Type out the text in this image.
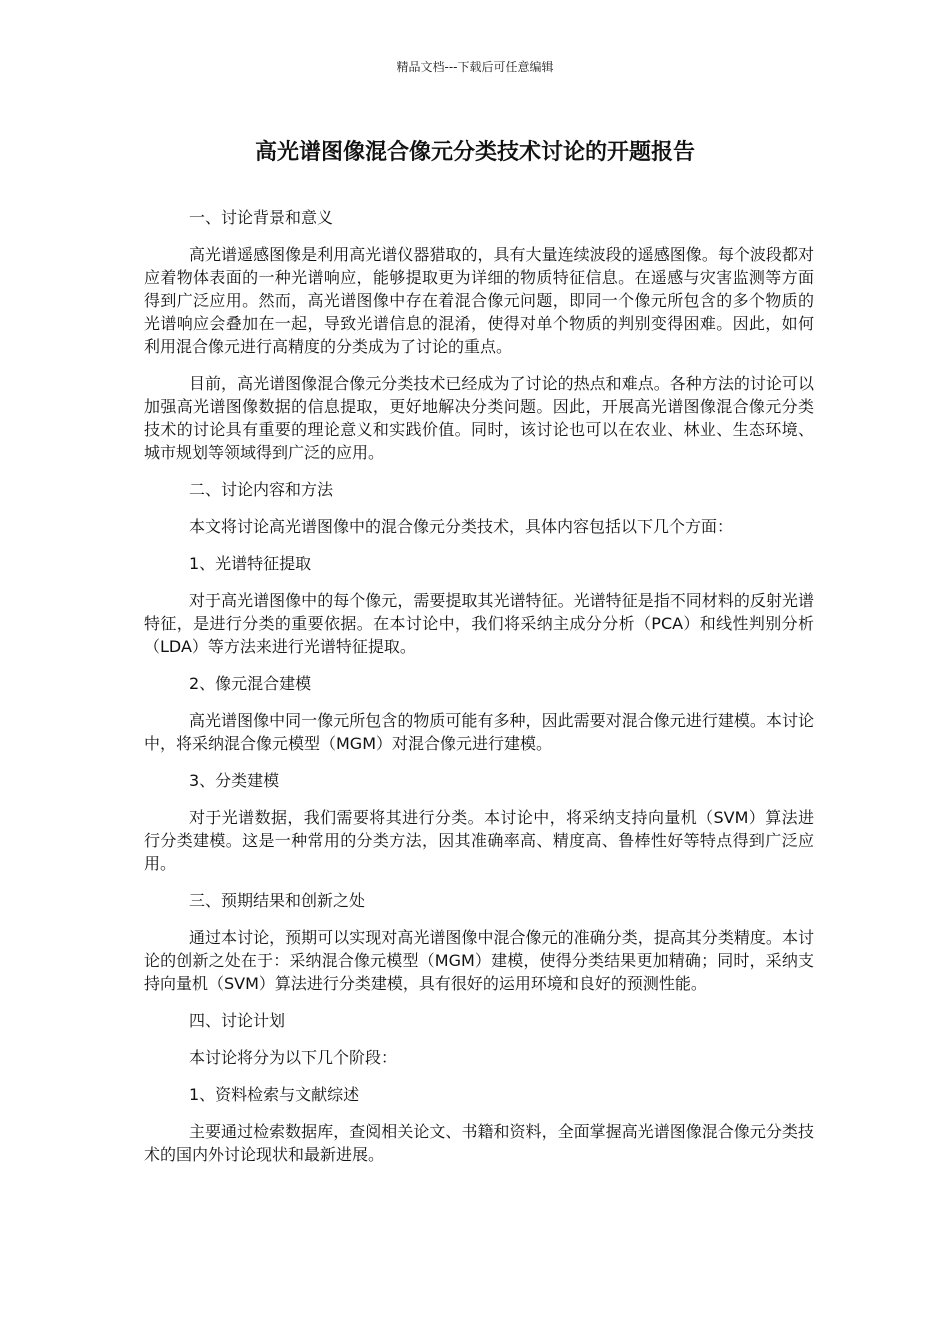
精品文档---下载后可任意编辑
高光谱图像混合像元分类技术讨论的开题报告

一、讨论背景和意义

高光谱遥感图像是利用高光谱仪器猎取的，具有大量连续波段的遥感图像。每个波段都对应着物体表面的一种光谱响应，能够提取更为详细的物质特征信息。在遥感与灾害监测等方面得到广泛应用。然而，高光谱图像中存在着混合像元问题，即同一个像元所包含的多个物质的光谱响应会叠加在一起，导致光谱信息的混淆，使得对单个物质的判别变得困难。因此，如何利用混合像元进行高精度的分类成为了讨论的重点。

目前，高光谱图像混合像元分类技术已经成为了讨论的热点和难点。各种方法的讨论可以加强高光谱图像数据的信息提取，更好地解决分类问题。因此，开展高光谱图像混合像元分类技术的讨论具有重要的理论意义和实践价值。同时，该讨论也可以在农业、林业、生态环境、城市规划等领域得到广泛的应用。

二、讨论内容和方法

本文将讨论高光谱图像中的混合像元分类技术，具体内容包括以下几个方面：

1、光谱特征提取

对于高光谱图像中的每个像元，需要提取其光谱特征。光谱特征是指不同材料的反射光谱特征，是进行分类的重要依据。在本讨论中，我们将采纳主成分分析（PCA）和线性判别分析（LDA）等方法来进行光谱特征提取。

2、像元混合建模

高光谱图像中同一像元所包含的物质可能有多种，因此需要对混合像元进行建模。本讨论中，将采纳混合像元模型（MGM）对混合像元进行建模。

3、分类建模

对于光谱数据，我们需要将其进行分类。本讨论中，将采纳支持向量机（SVM）算法进行分类建模。这是一种常用的分类方法，因其准确率高、精度高、鲁棒性好等特点得到广泛应用。

三、预期结果和创新之处

通过本讨论，预期可以实现对高光谱图像中混合像元的准确分类，提高其分类精度。本讨论的创新之处在于：采纳混合像元模型（MGM）建模，使得分类结果更加精确；同时，采纳支持向量机（SVM）算法进行分类建模，具有很好的运用环境和良好的预测性能。

四、讨论计划

本讨论将分为以下几个阶段：

1、资料检索与文献综述

主要通过检索数据库，查阅相关论文、书籍和资料，全面掌握高光谱图像混合像元分类技术的国内外讨论现状和最新进展。
